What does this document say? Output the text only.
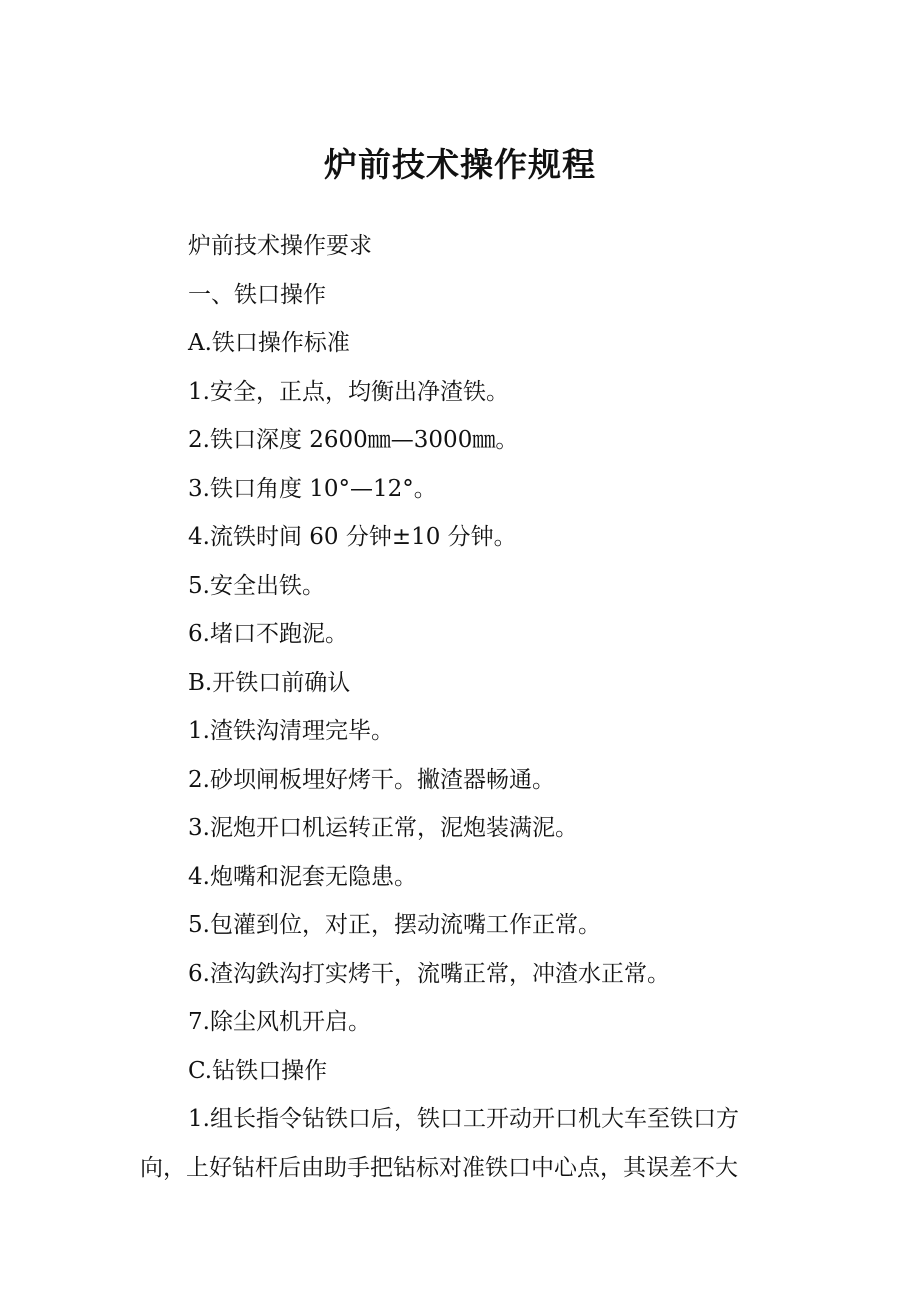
炉前技术操作规程
炉前技术操作要求
一、铁口操作
A.铁口操作标准
1.安全，正点，均衡出净渣铁。
2.铁口深度 2600㎜—3000㎜。
3.铁口角度 10°—12°。
4.流铁时间 60 分钟±10 分钟。
5.安全出铁。
6.堵口不跑泥。
B.开铁口前确认
1.渣铁沟清理完毕。
2.砂坝闸板埋好烤干。撇渣器畅通。
3.泥炮开口机运转正常，泥炮装满泥。
4.炮嘴和泥套无隐患。
5.包灌到位，对正，摆动流嘴工作正常。
6.渣沟鉄沟打实烤干，流嘴正常，冲渣水正常。
7.除尘风机开启。
C.钻铁口操作
1.组长指令钻铁口后，铁口工开动开口机大车至铁口方
向，上好钻杆后由助手把钻标对准铁口中心点，其误差不大
